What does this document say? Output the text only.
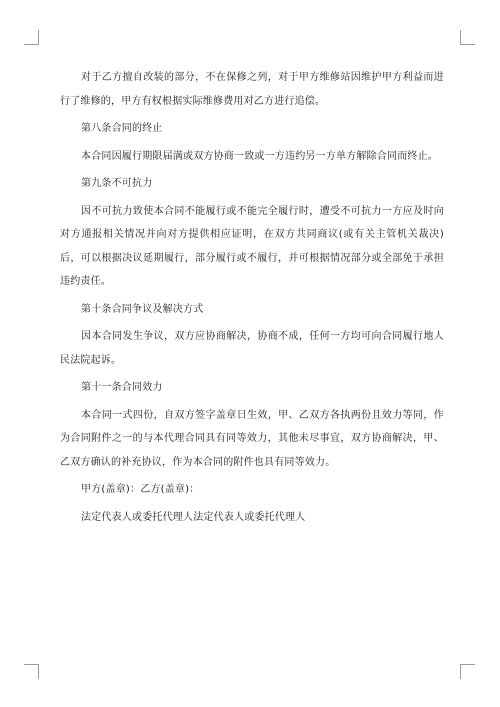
对于乙方擅自改装的部分，不在保修之列，对于甲方维修站因维护甲方利益而进行了维修的，甲方有权根据实际维修费用对乙方进行追偿。

第八条合同的终止

本合同因履行期限届满或双方协商一致或一方违约另一方单方解除合同而终止。

第九条不可抗力

因不可抗力致使本合同不能履行或不能完全履行时，遭受不可抗力一方应及时向对方通报相关情况并向对方提供相应证明，在双方共同商议(或有关主管机关裁决)后，可以根据决议延期履行，部分履行或不履行，并可根据情况部分或全部免于承担违约责任。

第十条合同争议及解决方式

因本合同发生争议，双方应协商解决，协商不成，任何一方均可向合同履行地人民法院起诉。

第十一条合同效力

本合同一式四份，自双方签字盖章日生效，甲、乙双方各执两份且效力等同，作为合同附件之一的与本代理合同具有同等效力，其他未尽事宜，双方协商解决，甲、乙双方确认的补充协议，作为本合同的附件也具有同等效力。

甲方(盖章)：乙方(盖章)：

法定代表人或委托代理人法定代表人或委托代理人
